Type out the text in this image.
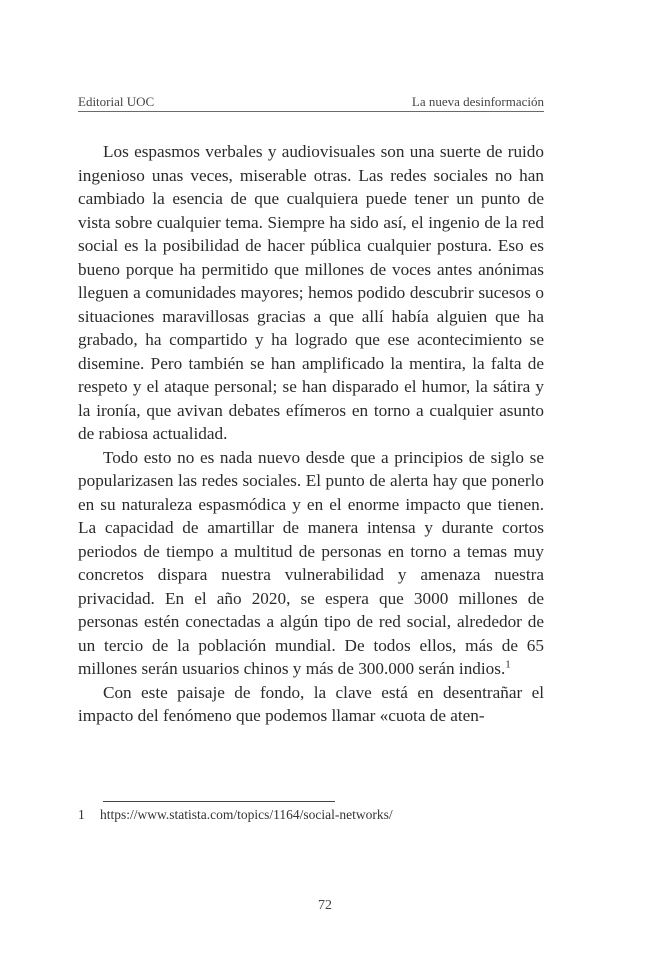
Editorial UOC	La nueva desinformación

Los espasmos verbales y audiovisuales son una suerte de ruido ingenioso unas veces, miserable otras. Las redes sociales no han cambiado la esencia de que cualquiera puede tener un punto de vista sobre cualquier tema. Siempre ha sido así, el ingenio de la red social es la posibilidad de hacer pública cualquier postura. Eso es bueno porque ha permitido que millones de voces antes anónimas lleguen a comunidades mayores; hemos podido descubrir sucesos o situaciones maravillosas gracias a que allí había alguien que ha grabado, ha compartido y ha logrado que ese acontecimiento se disemine. Pero también se han amplificado la mentira, la falta de respeto y el ataque personal; se han disparado el humor, la sátira y la ironía, que avivan debates efímeros en torno a cualquier asunto de rabiosa actualidad.

Todo esto no es nada nuevo desde que a principios de siglo se popularizasen las redes sociales. El punto de alerta hay que ponerlo en su naturaleza espasmódica y en el enorme impacto que tienen. La capacidad de amartillar de manera intensa y durante cortos periodos de tiempo a multitud de personas en torno a temas muy concretos dispara nuestra vulnerabilidad y amenaza nuestra privacidad. En el año 2020, se espera que 3000 millones de personas estén conectadas a algún tipo de red social, alrededor de un tercio de la población mundial. De todos ellos, más de 65 millones serán usuarios chinos y más de 300.000 serán indios.$^1$

Con este paisaje de fondo, la clave está en desentrañar el impacto del fenómeno que podemos llamar «cuota de aten-

1 https://www.statista.com/topics/1164/social-networks/
72
